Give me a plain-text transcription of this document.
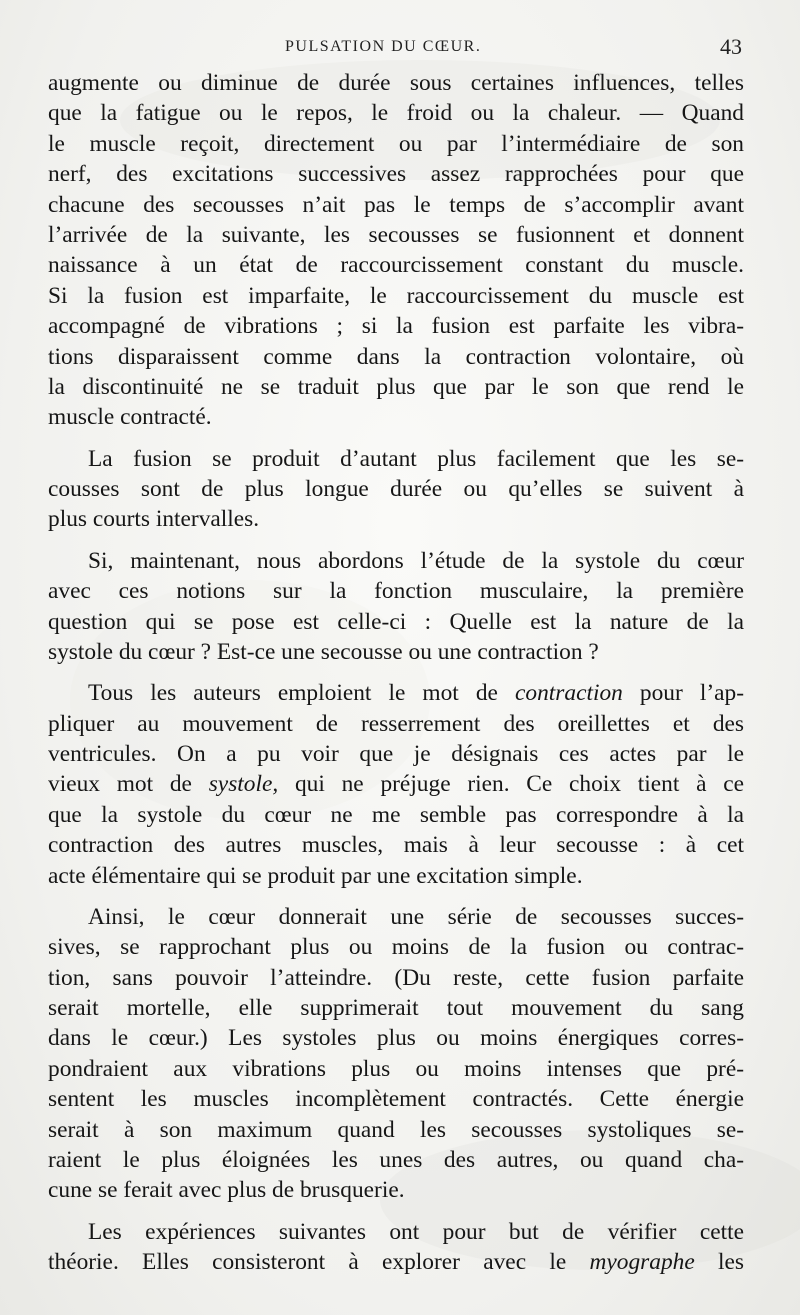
PULSATION DU CŒUR.	43

augmente ou diminue de durée sous certaines influences, telles
que la fatigue ou le repos, le froid ou la chaleur. — Quand
le muscle reçoit, directement ou par l’intermédiaire de son
nerf, des excitations successives assez rapprochées pour que
chacune des secousses n’ait pas le temps de s’accomplir avant
l’arrivée de la suivante, les secousses se fusionnent et donnent
naissance à un état de raccourcissement constant du muscle.
Si la fusion est imparfaite, le raccourcissement du muscle est
accompagné de vibrations ; si la fusion est parfaite les vibra-
tions disparaissent comme dans la contraction volontaire, où
la discontinuité ne se traduit plus que par le son que rend le
muscle contracté.

La fusion se produit d’autant plus facilement que les se-
cousses sont de plus longue durée ou qu’elles se suivent à
plus courts intervalles.

Si, maintenant, nous abordons l’étude de la systole du cœur
avec ces notions sur la fonction musculaire, la première
question qui se pose est celle-ci : Quelle est la nature de la
systole du cœur ? Est-ce une secousse ou une contraction ?

Tous les auteurs emploient le mot de contraction pour l’ap-
pliquer au mouvement de resserrement des oreillettes et des
ventricules. On a pu voir que je désignais ces actes par le
vieux mot de systole, qui ne préjuge rien. Ce choix tient à ce
que la systole du cœur ne me semble pas correspondre à la
contraction des autres muscles, mais à leur secousse : à cet
acte élémentaire qui se produit par une excitation simple.

Ainsi, le cœur donnerait une série de secousses succes-
sives, se rapprochant plus ou moins de la fusion ou contrac-
tion, sans pouvoir l’atteindre. (Du reste, cette fusion parfaite
serait mortelle, elle supprimerait tout mouvement du sang
dans le cœur.) Les systoles plus ou moins énergiques corres-
pondraient aux vibrations plus ou moins intenses que pré-
sentent les muscles incomplètement contractés. Cette énergie
serait à son maximum quand les secousses systoliques se-
raient le plus éloignées les unes des autres, ou quand cha-
cune se ferait avec plus de brusquerie.

Les expériences suivantes ont pour but de vérifier cette
théorie. Elles consisteront à explorer avec le myographe les
